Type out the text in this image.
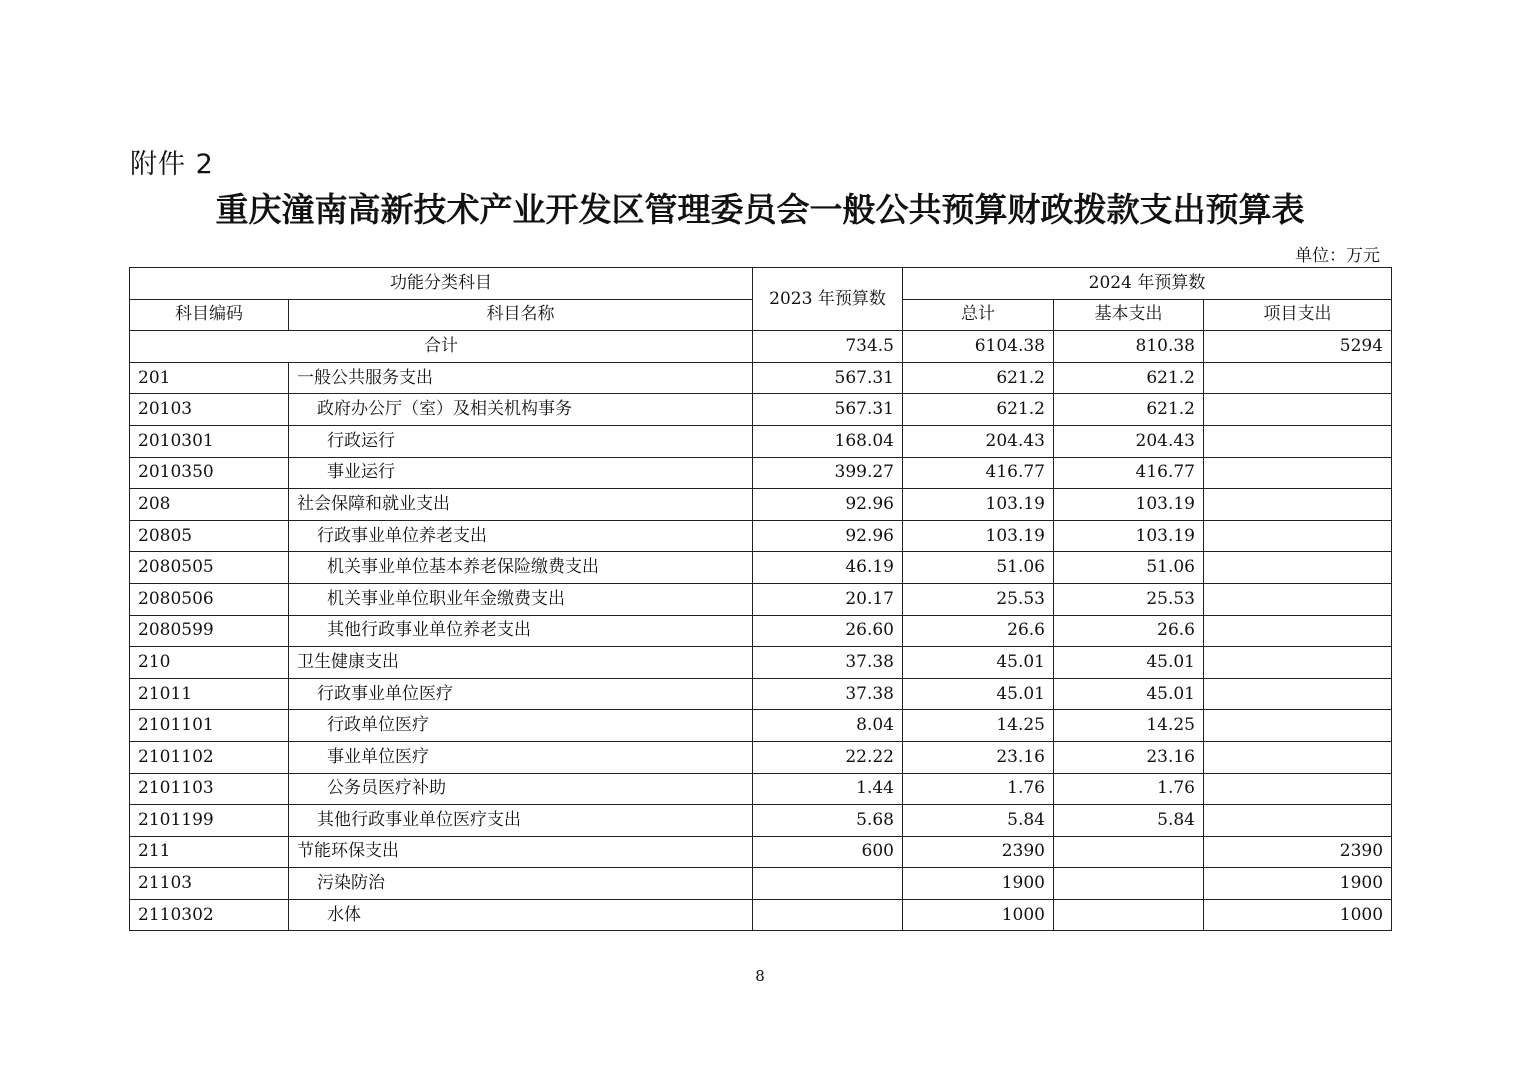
附件 2
重庆潼南高新技术产业开发区管理委员会一般公共预算财政拨款支出预算表
单位：万元
功能分类科目		2023 年预算数	2024 年预算数		
科目编码	科目名称		总计	基本支出	项目支出
合计		734.5	6104.38	810.38	5294
201	一般公共服务支出	567.31	621.2	621.2	
20103	政府办公厅（室）及相关机构事务	567.31	621.2	621.2	
2010301	行政运行	168.04	204.43	204.43	
2010350	事业运行	399.27	416.77	416.77	
208	社会保障和就业支出	92.96	103.19	103.19	
20805	行政事业单位养老支出	92.96	103.19	103.19	
2080505	机关事业单位基本养老保险缴费支出	46.19	51.06	51.06	
2080506	机关事业单位职业年金缴费支出	20.17	25.53	25.53	
2080599	其他行政事业单位养老支出	26.60	26.6	26.6	
210	卫生健康支出	37.38	45.01	45.01	
21011	行政事业单位医疗	37.38	45.01	45.01	
2101101	行政单位医疗	8.04	14.25	14.25	
2101102	事业单位医疗	22.22	23.16	23.16	
2101103	公务员医疗补助	1.44	1.76	1.76	
2101199	其他行政事业单位医疗支出	5.68	5.84	5.84	
211	节能环保支出	600	2390		2390
21103	污染防治		1900		1900
2110302	水体		1000		1000
8
